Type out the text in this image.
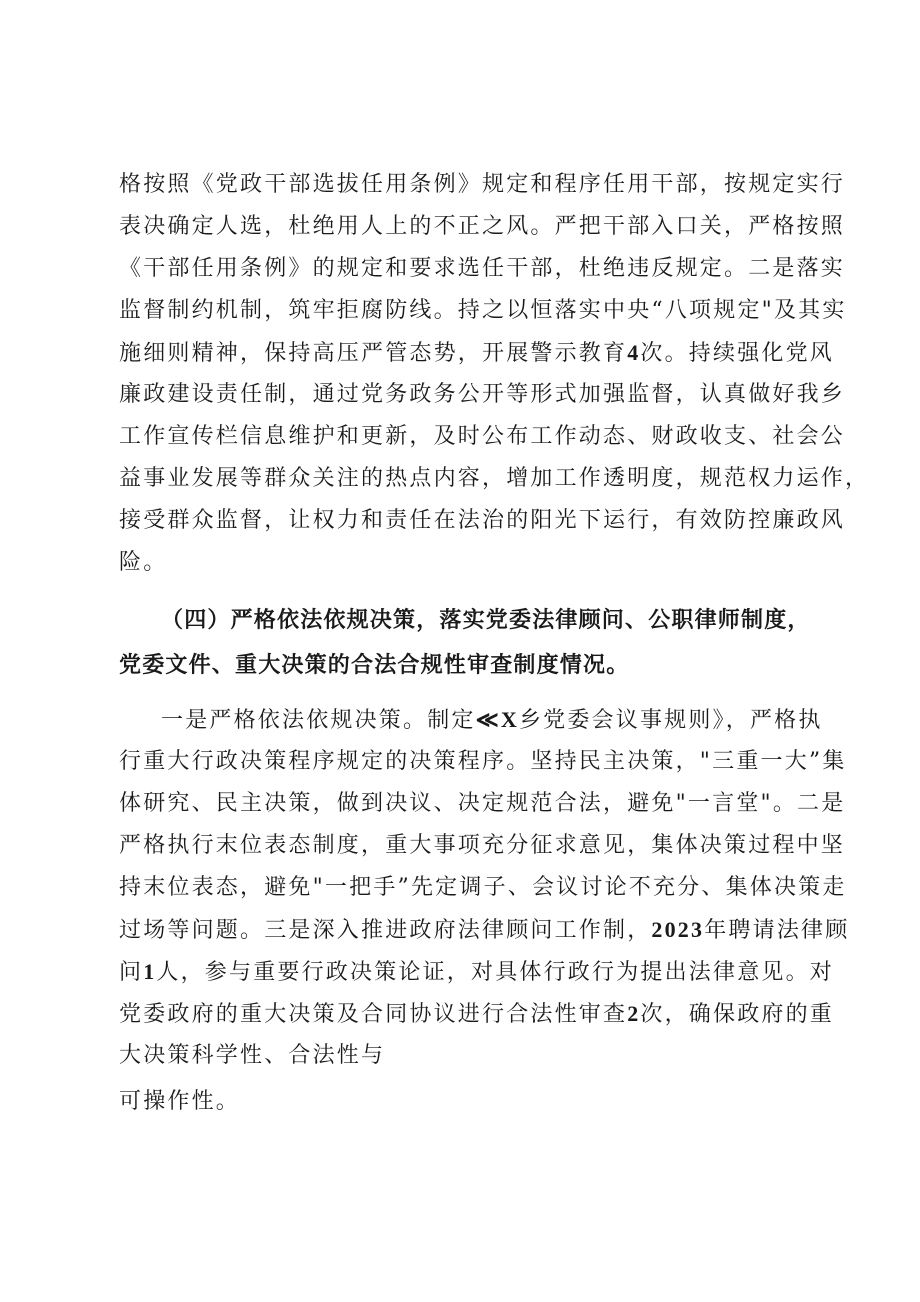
格按照《党政干部选拔任用条例》规定和程序任用干部，按规定实行
表决确定人选，杜绝用人上的不正之风。严把干部入口关，严格按照
《干部任用条例》的规定和要求选任干部，杜绝违反规定。二是落实
监督制约机制，筑牢拒腐防线。持之以恒落实中央“八项规定"及其实
施细则精神，保持高压严管态势，开展警示教育4次。持续强化党风
廉政建设责任制，通过党务政务公开等形式加强监督，认真做好我乡
工作宣传栏信息维护和更新，及时公布工作动态、财政收支、社会公
益事业发展等群众关注的热点内容，增加工作透明度，规范权力运作，
接受群众监督，让权力和责任在法治的阳光下运行，有效防控廉政风
险。
（四）严格依法依规决策，落实党委法律顾问、公职律师制度，
党委文件、重大决策的合法合规性审查制度情况。
一是严格依法依规决策。制定≪X乡党委会议事规则》，严格执
行重大行政决策程序规定的决策程序。坚持民主决策，"三重一大”集
体研究、民主决策，做到决议、决定规范合法，避免"一言堂"。二是
严格执行末位表态制度，重大事项充分征求意见，集体决策过程中坚
持末位表态，避免"一把手”先定调子、会议讨论不充分、集体决策走
过场等问题。三是深入推进政府法律顾问工作制，2023年聘请法律顾
问1人，参与重要行政决策论证，对具体行政行为提出法律意见。对
党委政府的重大决策及合同协议进行合法性审查2次，确保政府的重
大决策科学性、合法性与
可操作性。
